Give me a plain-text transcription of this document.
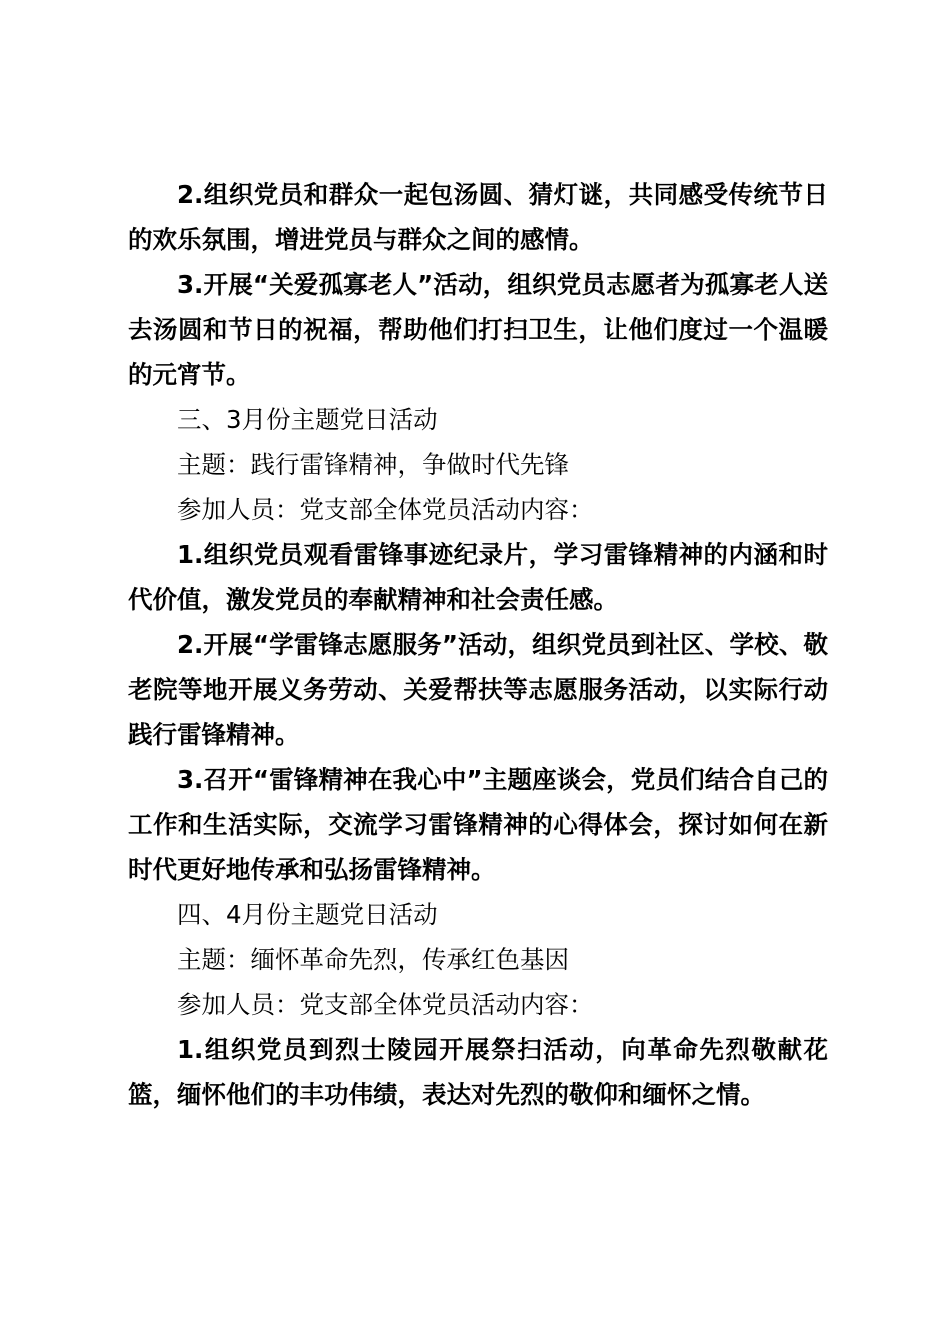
2.组织党员和群众一起包汤圆、猜灯谜，共同感受传统节日的欢乐氛围，增进党员与群众之间的感情。

3.开展“关爱孤寡老人”活动，组织党员志愿者为孤寡老人送去汤圆和节日的祝福，帮助他们打扫卫生，让他们度过一个温暖的元宵节。

三、3月份主题党日活动

主题：践行雷锋精神，争做时代先锋

参加人员：党支部全体党员活动内容：

1.组织党员观看雷锋事迹纪录片，学习雷锋精神的内涵和时代价值，激发党员的奉献精神和社会责任感。

2.开展“学雷锋志愿服务”活动，组织党员到社区、学校、敬老院等地开展义务劳动、关爱帮扶等志愿服务活动，以实际行动践行雷锋精神。

3.召开“雷锋精神在我心中”主题座谈会，党员们结合自己的工作和生活实际，交流学习雷锋精神的心得体会，探讨如何在新时代更好地传承和弘扬雷锋精神。

四、4月份主题党日活动

主题：缅怀革命先烈，传承红色基因

参加人员：党支部全体党员活动内容：

1.组织党员到烈士陵园开展祭扫活动，向革命先烈敬献花篮，缅怀他们的丰功伟绩，表达对先烈的敬仰和缅怀之情。
